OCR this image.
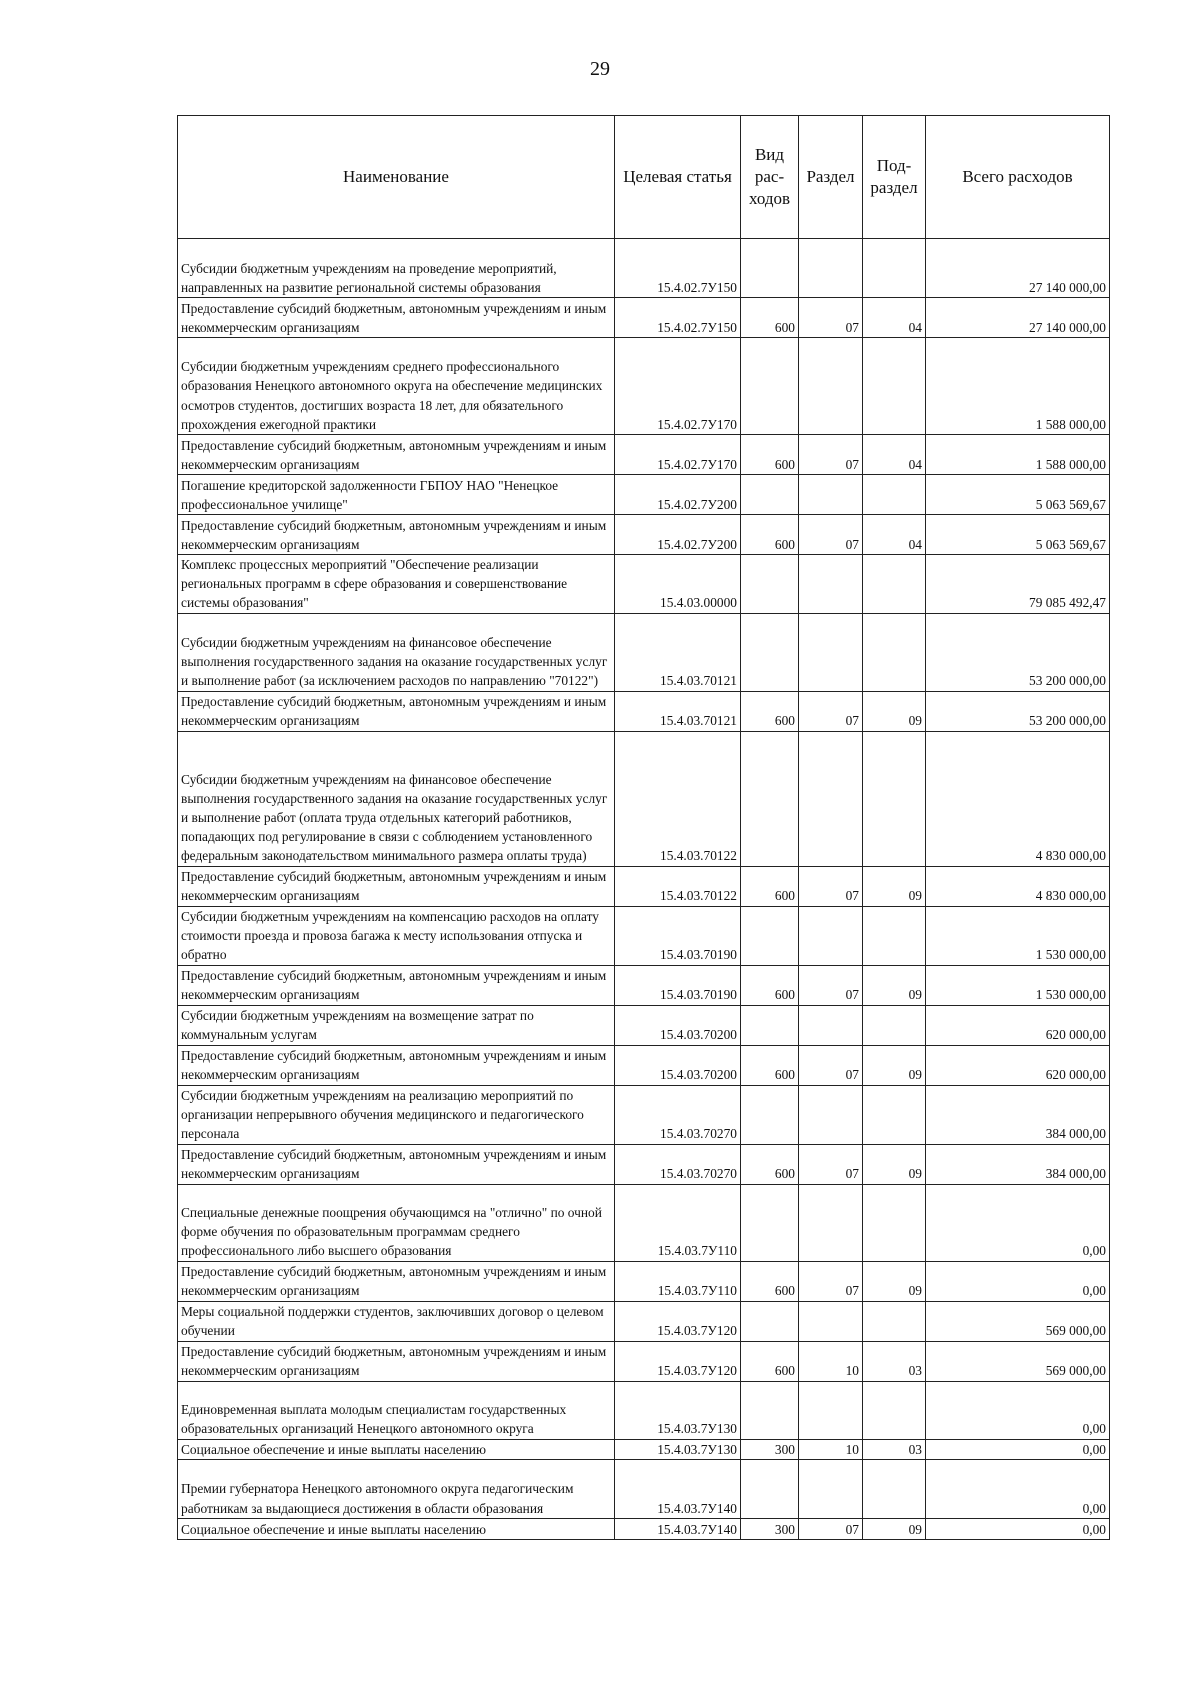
29
Наименование	Целевая статья	Вид рас- ходов	Раздел	Под- раздел	Всего расходов
Субсидии бюджетным учреждениям на проведение мероприятий, направленных на развитие региональной системы образования	15.4.02.7У150				27 140 000,00
Предоставление субсидий бюджетным, автономным учреждениям и иным некоммерческим организациям	15.4.02.7У150	600	07	04	27 140 000,00
Субсидии бюджетным учреждениям среднего профессионального образования Ненецкого автономного округа на обеспечение медицинских осмотров студентов, достигших возраста 18 лет, для обязательного прохождения ежегодной практики	15.4.02.7У170				1 588 000,00
Предоставление субсидий бюджетным, автономным учреждениям и иным некоммерческим организациям	15.4.02.7У170	600	07	04	1 588 000,00
Погашение кредиторской задолженности ГБПОУ НАО "Ненецкое профессиональное училище"	15.4.02.7У200				5 063 569,67
Предоставление субсидий бюджетным, автономным учреждениям и иным некоммерческим организациям	15.4.02.7У200	600	07	04	5 063 569,67
Комплекс процессных мероприятий "Обеспечение реализации региональных программ в сфере образования и совершенствование системы образования"	15.4.03.00000				79 085 492,47
Субсидии бюджетным учреждениям на финансовое обеспечение выполнения государственного задания на оказание государственных услуг и выполнение работ (за исключением расходов по направлению "70122")	15.4.03.70121				53 200 000,00
Предоставление субсидий бюджетным, автономным учреждениям и иным некоммерческим организациям	15.4.03.70121	600	07	09	53 200 000,00
Субсидии бюджетным учреждениям на финансовое обеспечение выполнения государственного задания на оказание государственных услуг и выполнение работ (оплата труда отдельных категорий работников, попадающих под регулирование в связи с соблюдением установленного федеральным законодательством минимального размера оплаты труда)	15.4.03.70122				4 830 000,00
Предоставление субсидий бюджетным, автономным учреждениям и иным некоммерческим организациям	15.4.03.70122	600	07	09	4 830 000,00
Субсидии бюджетным учреждениям на компенсацию расходов на оплату стоимости проезда и провоза багажа к месту использования отпуска и обратно	15.4.03.70190				1 530 000,00
Предоставление субсидий бюджетным, автономным учреждениям и иным некоммерческим организациям	15.4.03.70190	600	07	09	1 530 000,00
Субсидии бюджетным учреждениям на возмещение затрат по коммунальным услугам	15.4.03.70200				620 000,00
Предоставление субсидий бюджетным, автономным учреждениям и иным некоммерческим организациям	15.4.03.70200	600	07	09	620 000,00
Субсидии бюджетным учреждениям на реализацию мероприятий по организации непрерывного обучения медицинского и педагогического персонала	15.4.03.70270				384 000,00
Предоставление субсидий бюджетным, автономным учреждениям и иным некоммерческим организациям	15.4.03.70270	600	07	09	384 000,00
Специальные денежные поощрения обучающимся на "отлично" по очной форме обучения по образовательным программам среднего профессионального либо высшего образования	15.4.03.7У110				0,00
Предоставление субсидий бюджетным, автономным учреждениям и иным некоммерческим организациям	15.4.03.7У110	600	07	09	0,00
Меры социальной поддержки студентов, заключивших договор о целевом обучении	15.4.03.7У120				569 000,00
Предоставление субсидий бюджетным, автономным учреждениям и иным некоммерческим организациям	15.4.03.7У120	600	10	03	569 000,00
Единовременная выплата молодым специалистам государственных образовательных организаций Ненецкого автономного округа	15.4.03.7У130				0,00
Социальное обеспечение и иные выплаты населению	15.4.03.7У130	300	10	03	0,00
Премии губернатора Ненецкого автономного округа педагогическим работникам за выдающиеся достижения в области образования	15.4.03.7У140				0,00
Социальное обеспечение и иные выплаты населению	15.4.03.7У140	300	07	09	0,00
